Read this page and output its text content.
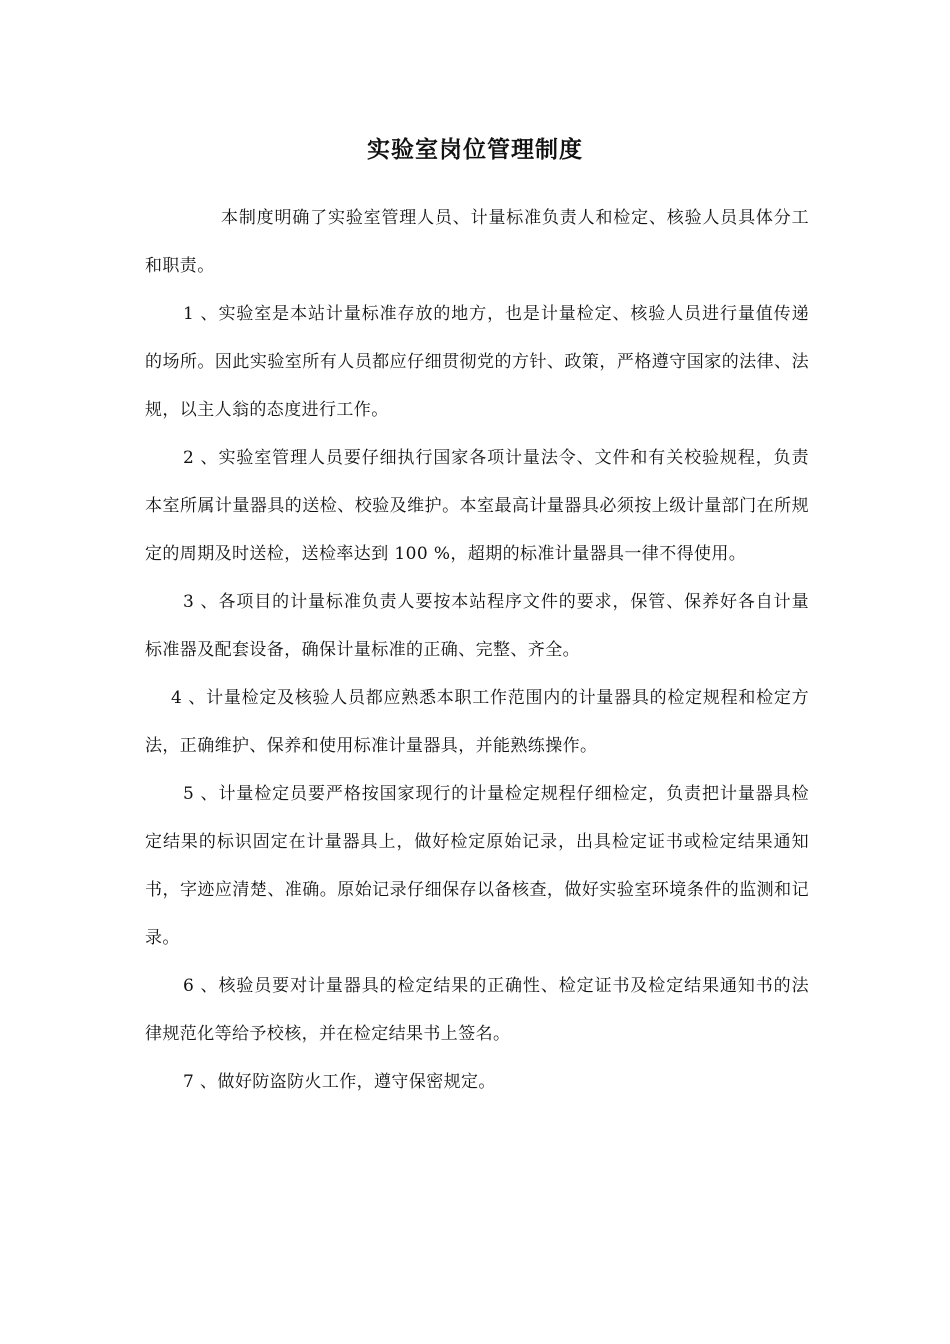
实验室岗位管理制度

本制度明确了实验室管理人员、计量标准负责人和检定、核验人员具体分工和职责。

1 、实验室是本站计量标准存放的地方，也是计量检定、核验人员进行量值传递的场所。因此实验室所有人员都应仔细贯彻党的方针、政策，严格遵守国家的法律、法规，以主人翁的态度进行工作。

2 、实验室管理人员要仔细执行国家各项计量法令、文件和有关校验规程，负责本室所属计量器具的送检、校验及维护。本室最高计量器具必须按上级计量部门在所规定的周期及时送检，送检率达到 100 %，超期的标准计量器具一律不得使用。

3 、各项目的计量标准负责人要按本站程序文件的要求，保管、保养好各自计量标准器及配套设备，确保计量标准的正确、完整、齐全。

4 、计量检定及核验人员都应熟悉本职工作范围内的计量器具的检定规程和检定方法，正确维护、保养和使用标准计量器具，并能熟练操作。

5 、计量检定员要严格按国家现行的计量检定规程仔细检定，负责把计量器具检定结果的标识固定在计量器具上，做好检定原始记录，出具检定证书或检定结果通知书，字迹应清楚、准确。原始记录仔细保存以备核查，做好实验室环境条件的监测和记录。

6 、核验员要对计量器具的检定结果的正确性、检定证书及检定结果通知书的法律规范化等给予校核，并在检定结果书上签名。

7 、做好防盗防火工作，遵守保密规定。
